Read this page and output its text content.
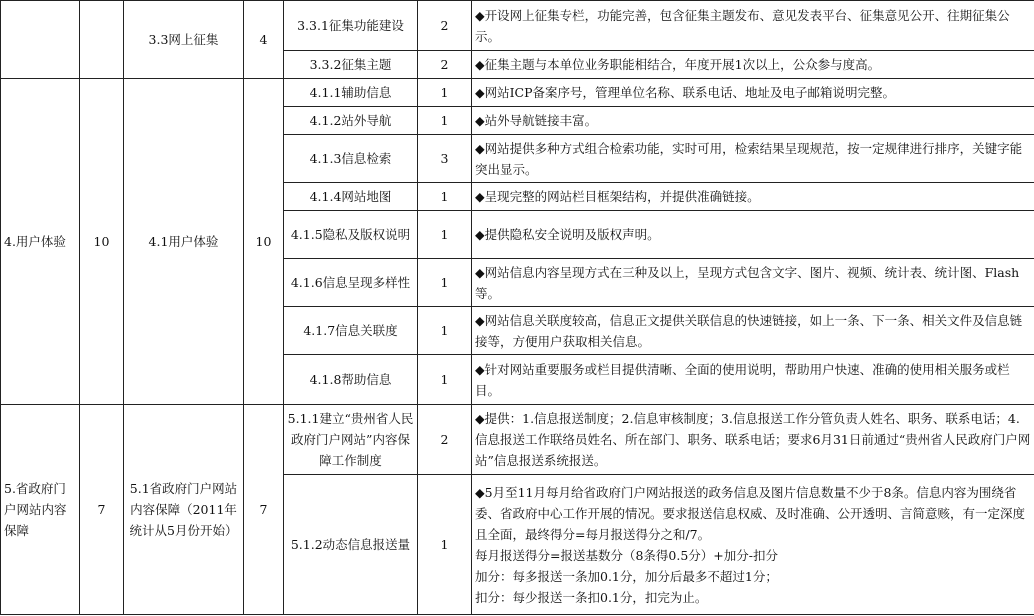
		3.3网上征集	4	3.3.1征集功能建设	2	◆开设网上征集专栏，功能完善，包含征集主题发布、意见发表平台、征集意见公开、往期征集公示。
				3.3.2征集主题	2	◆征集主题与本单位业务职能相结合，年度开展1次以上，公众参与度高。
4.用户体验	10	4.1用户体验	10	4.1.1辅助信息	1	◆网站ICP备案序号，管理单位名称、联系电话、地址及电子邮箱说明完整。
				4.1.2站外导航	1	◆站外导航链接丰富。
				4.1.3信息检索	3	◆网站提供多种方式组合检索功能，实时可用，检索结果呈现规范，按一定规律进行排序，关键字能突出显示。
				4.1.4网站地图	1	◆呈现完整的网站栏目框架结构，并提供准确链接。
				4.1.5隐私及版权说明	1	◆提供隐私安全说明及版权声明。
				4.1.6信息呈现多样性	1	◆网站信息内容呈现方式在三种及以上，呈现方式包含文字、图片、视频、统计表、统计图、Flash等。
				4.1.7信息关联度	1	◆网站信息关联度较高，信息正文提供关联信息的快速链接，如上一条、下一条、相关文件及信息链接等，方便用户获取相关信息。
				4.1.8帮助信息	1	◆针对网站重要服务或栏目提供清晰、全面的使用说明，帮助用户快速、准确的使用相关服务或栏目。
5.省政府门户网站内容保障	7	5.1省政府门户网站内容保障（2011年统计从5月份开始）	7	5.1.1建立“贵州省人民政府门户网站”内容保障工作制度	2	◆提供：1.信息报送制度；2.信息审核制度；3.信息报送工作分管负责人姓名、职务、联系电话；4.信息报送工作联络员姓名、所在部门、职务、联系电话；要求6月31日前通过“贵州省人民政府门户网站”信息报送系统报送。
				5.1.2动态信息报送量	1	◆5月至11月每月给省政府门户网站报送的政务信息及图片信息数量不少于8条。信息内容为围绕省委、省政府中心工作开展的情况。要求报送信息权威、及时准确、公开透明、言简意赅，有一定深度且全面，最终得分=每月报送得分之和/7。
每月报送得分=报送基数分（8条得0.5分）+加分-扣分
加分：每多报送一条加0.1分，加分后最多不超过1分；
扣分：每少报送一条扣0.1分，扣完为止。
